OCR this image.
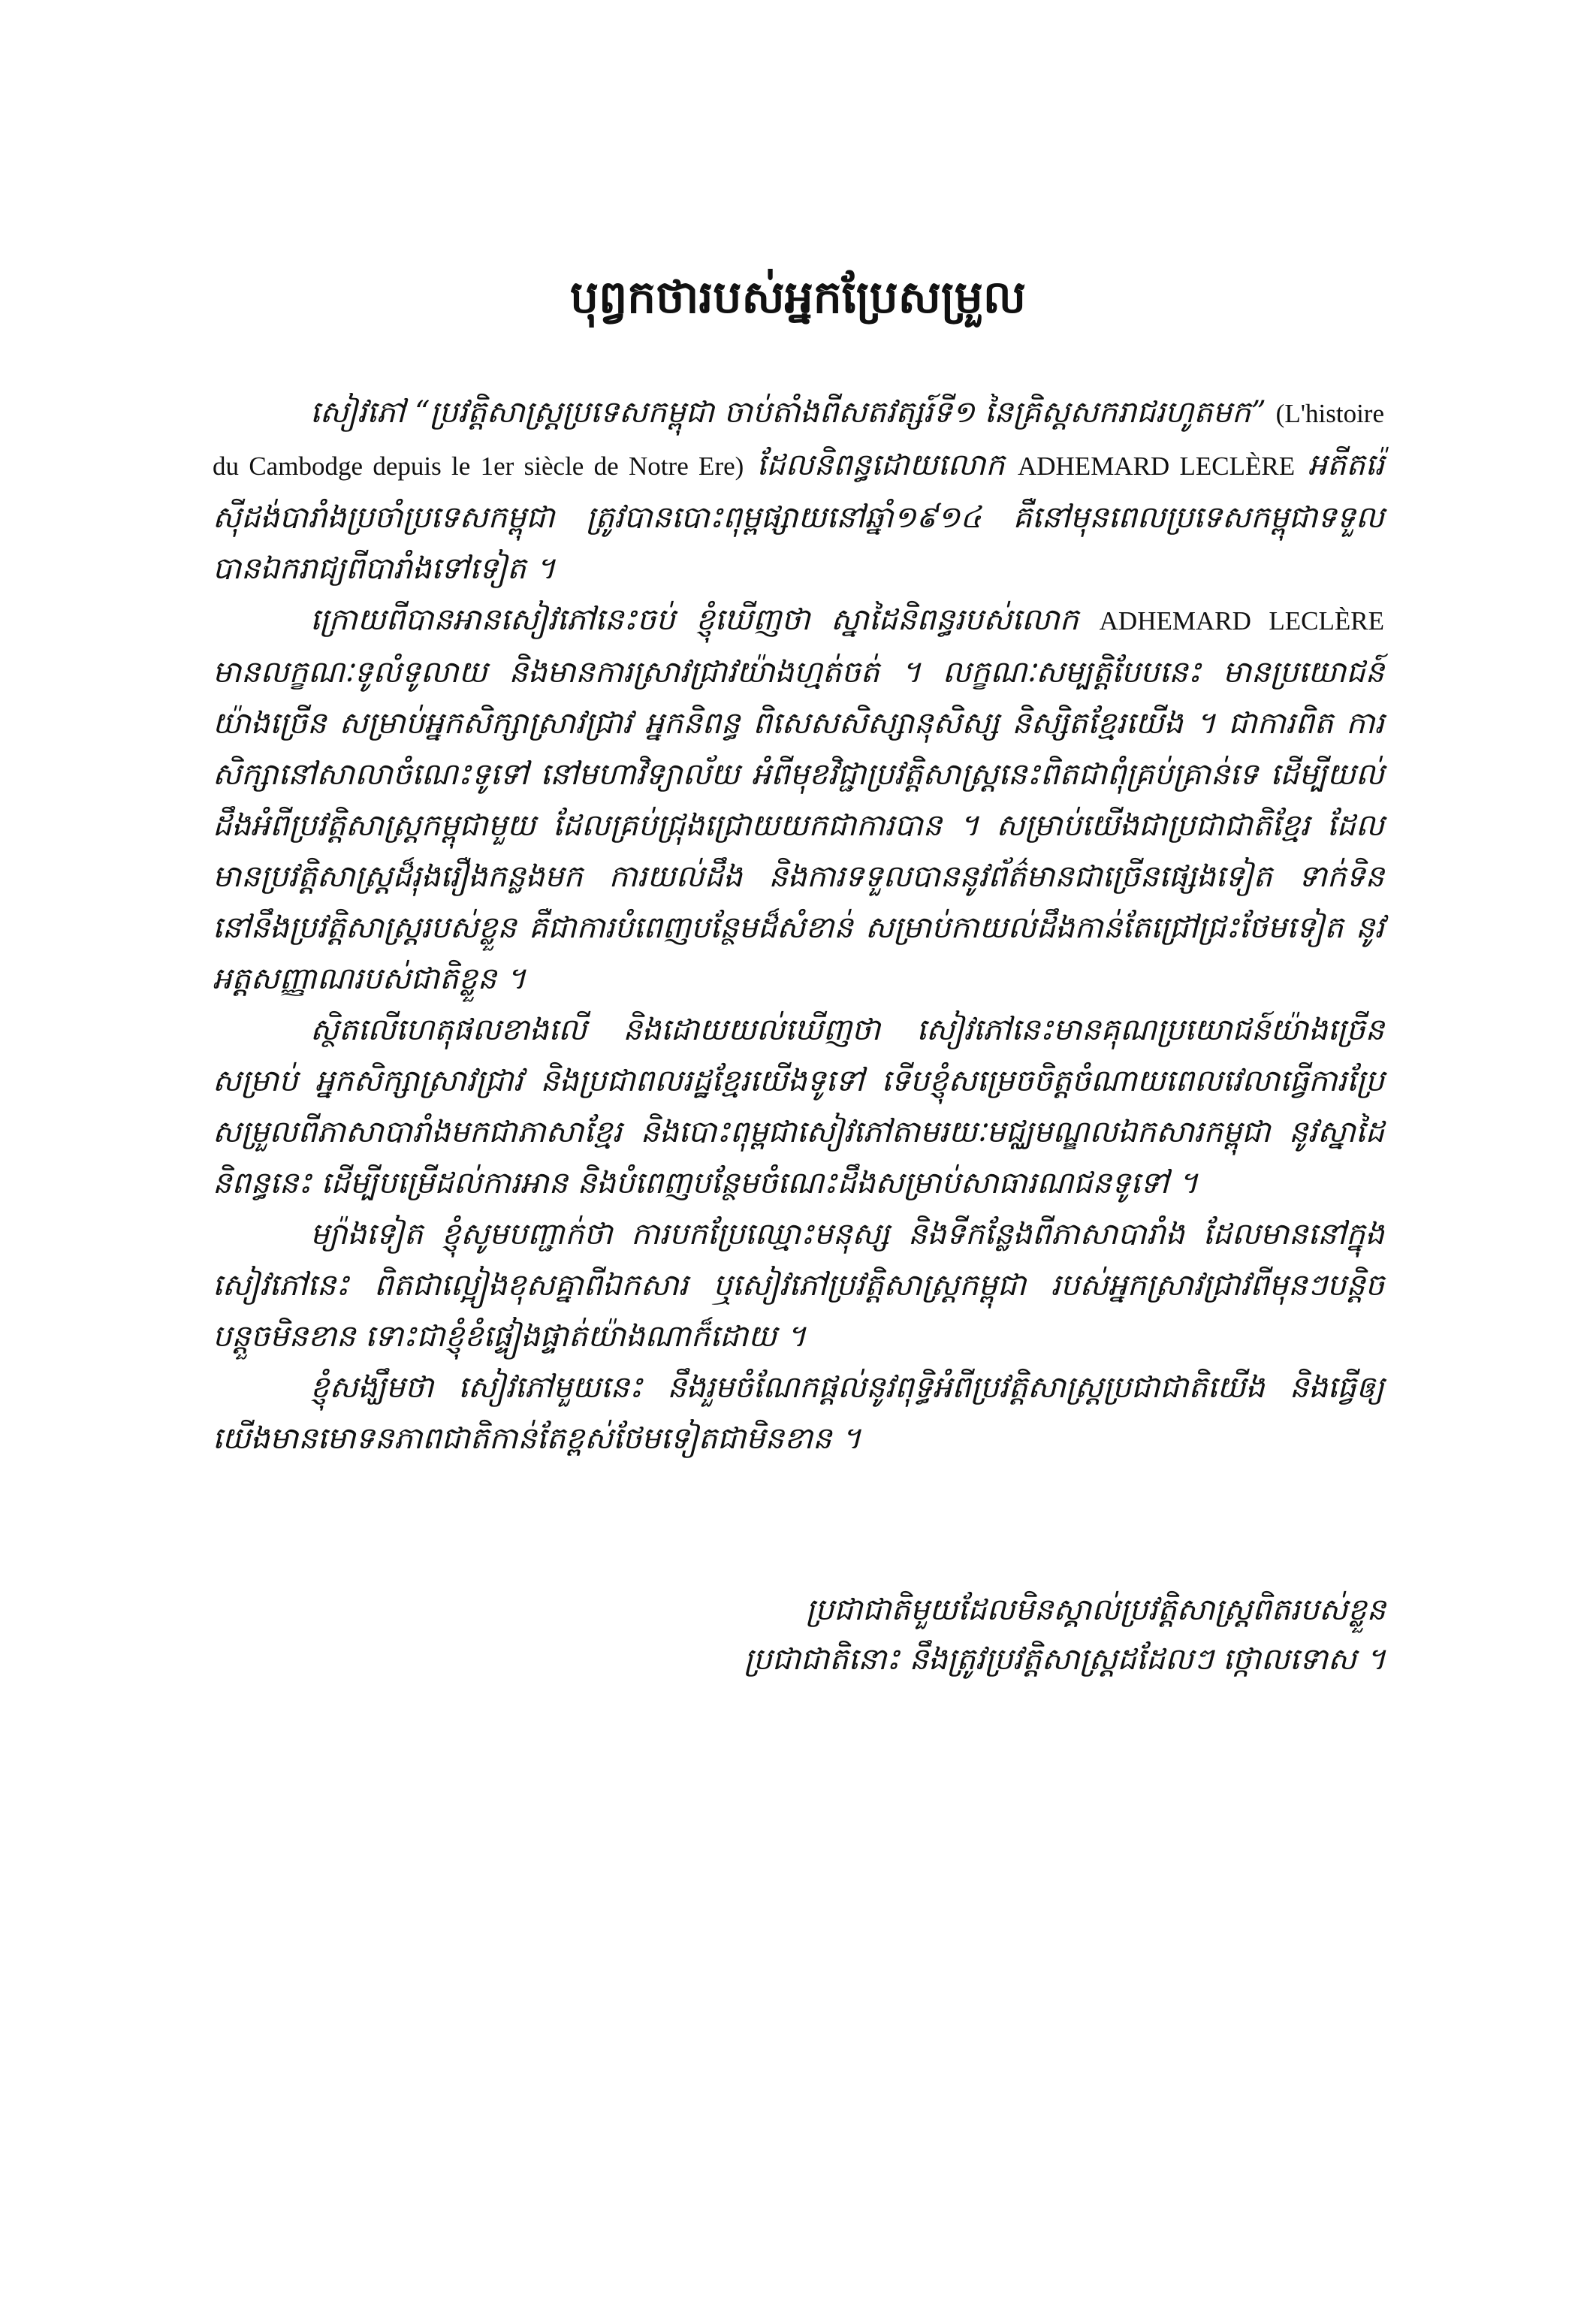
បុព្វកថារបស់អ្នកប្រែសម្រួល

សៀវភៅ “ប្រវត្តិសាស្ត្រប្រទេសកម្ពុជា ចាប់តាំងពីសតវត្សរ៍ទី១ នៃគ្រិស្តសករាជរហូតមក” (L'histoire du Cambodge depuis le 1er siècle de Notre Ere) ដែលនិពន្ធដោយលោក ADHEMARD LECLÈRE អតីតរ៉េស៊ីដង់បារាំងប្រចាំប្រទេសកម្ពុជា ត្រូវបានបោះពុម្ពផ្សាយនៅឆ្នាំ១៩១៤ គឺនៅមុនពេលប្រទេសកម្ពុជាទទួលបានឯករាជ្យពីបារាំងទៅទៀត ។

ក្រោយពីបានអានសៀវភៅនេះចប់ ខ្ញុំឃើញថា ស្នាដៃនិពន្ធរបស់លោក ADHEMARD LECLÈRE មានលក្ខណៈទូលំទូលាយ និងមានការស្រាវជ្រាវយ៉ាងហ្មត់ចត់ ។ លក្ខណៈសម្បត្តិបែបនេះ មានប្រយោជន៍យ៉ាងច្រើន សម្រាប់អ្នកសិក្សាស្រាវជ្រាវ អ្នកនិពន្ធ ពិសេសសិស្សានុសិស្ស និស្សិតខ្មែរយើង ។ ជាការពិត ការសិក្សានៅសាលាចំណេះទូទៅ នៅមហាវិទ្យាល័យ អំពីមុខវិជ្ជាប្រវត្តិសាស្ត្រនេះពិតជាពុំគ្រប់គ្រាន់ទេ ដើម្បីយល់ដឹងអំពីប្រវត្តិសាស្ត្រកម្ពុជាមួយ ដែលគ្រប់ជ្រុងជ្រោយយកជាការបាន ។ សម្រាប់យើងជាប្រជាជាតិខ្មែរ ដែលមានប្រវត្តិសាស្ត្រដ៏រុងរឿងកន្លងមក ការយល់ដឹង និងការទទួលបាននូវព័ត៌មានជាច្រើនផ្សេងទៀត ទាក់ទិននៅនឹងប្រវត្តិសាស្ត្ររបស់ខ្លួន គឺជាការបំពេញបន្ថែមដ៏សំខាន់ សម្រាប់កាយល់ដឹងកាន់តែជ្រៅជ្រះថែមទៀត នូវអត្តសញ្ញាណរបស់ជាតិខ្លួន ។

ស្ថិតលើហេតុផលខាងលើ និងដោយយល់ឃើញថា សៀវភៅនេះមានគុណប្រយោជន៍យ៉ាងច្រើនសម្រាប់ អ្នកសិក្សាស្រាវជ្រាវ និងប្រជាពលរដ្ឋខ្មែរយើងទូទៅ ទើបខ្ញុំសម្រេចចិត្តចំណាយពេលវេលាធ្វើការប្រែសម្រួលពីភាសាបារាំងមកជាភាសាខ្មែរ និងបោះពុម្ពជាសៀវភៅតាមរយៈមជ្ឈមណ្ឌលឯកសារកម្ពុជា នូវស្នាដៃនិពន្ធនេះ ដើម្បីបម្រើដល់ការអាន និងបំពេញបន្ថែមចំណេះដឹងសម្រាប់សាធារណជនទូទៅ ។

ម្យ៉ាងទៀត ខ្ញុំសូមបញ្ជាក់ថា ការបកប្រែឈ្មោះមនុស្ស និងទីកន្លែងពីភាសាបារាំង ដែលមាននៅក្នុងសៀវភៅនេះ ពិតជាល្អៀងខុសគ្នាពីឯកសារ ឬសៀវភៅប្រវត្តិសាស្ត្រកម្ពុជា របស់អ្នកស្រាវជ្រាវពីមុនៗបន្តិចបន្តួចមិនខាន ទោះជាខ្ញុំខំផ្ទៀងផ្ទាត់យ៉ាងណាក៏ដោយ ។

ខ្ញុំសង្ឃឹមថា សៀវភៅមួយនេះ នឹងរួមចំណែកផ្តល់នូវពុទ្ធិអំពីប្រវត្តិសាស្ត្រប្រជាជាតិយើង និងធ្វើឲ្យយើងមានមោទនភាពជាតិកាន់តែខ្ពស់ថែមទៀតជាមិនខាន ។

ប្រជាជាតិមួយដែលមិនស្គាល់ប្រវត្តិសាស្ត្រពិតរបស់ខ្លួន
ប្រជាជាតិនោះ នឹងត្រូវប្រវត្តិសាស្ត្រដដែលៗ ថ្កោលទោស ។
